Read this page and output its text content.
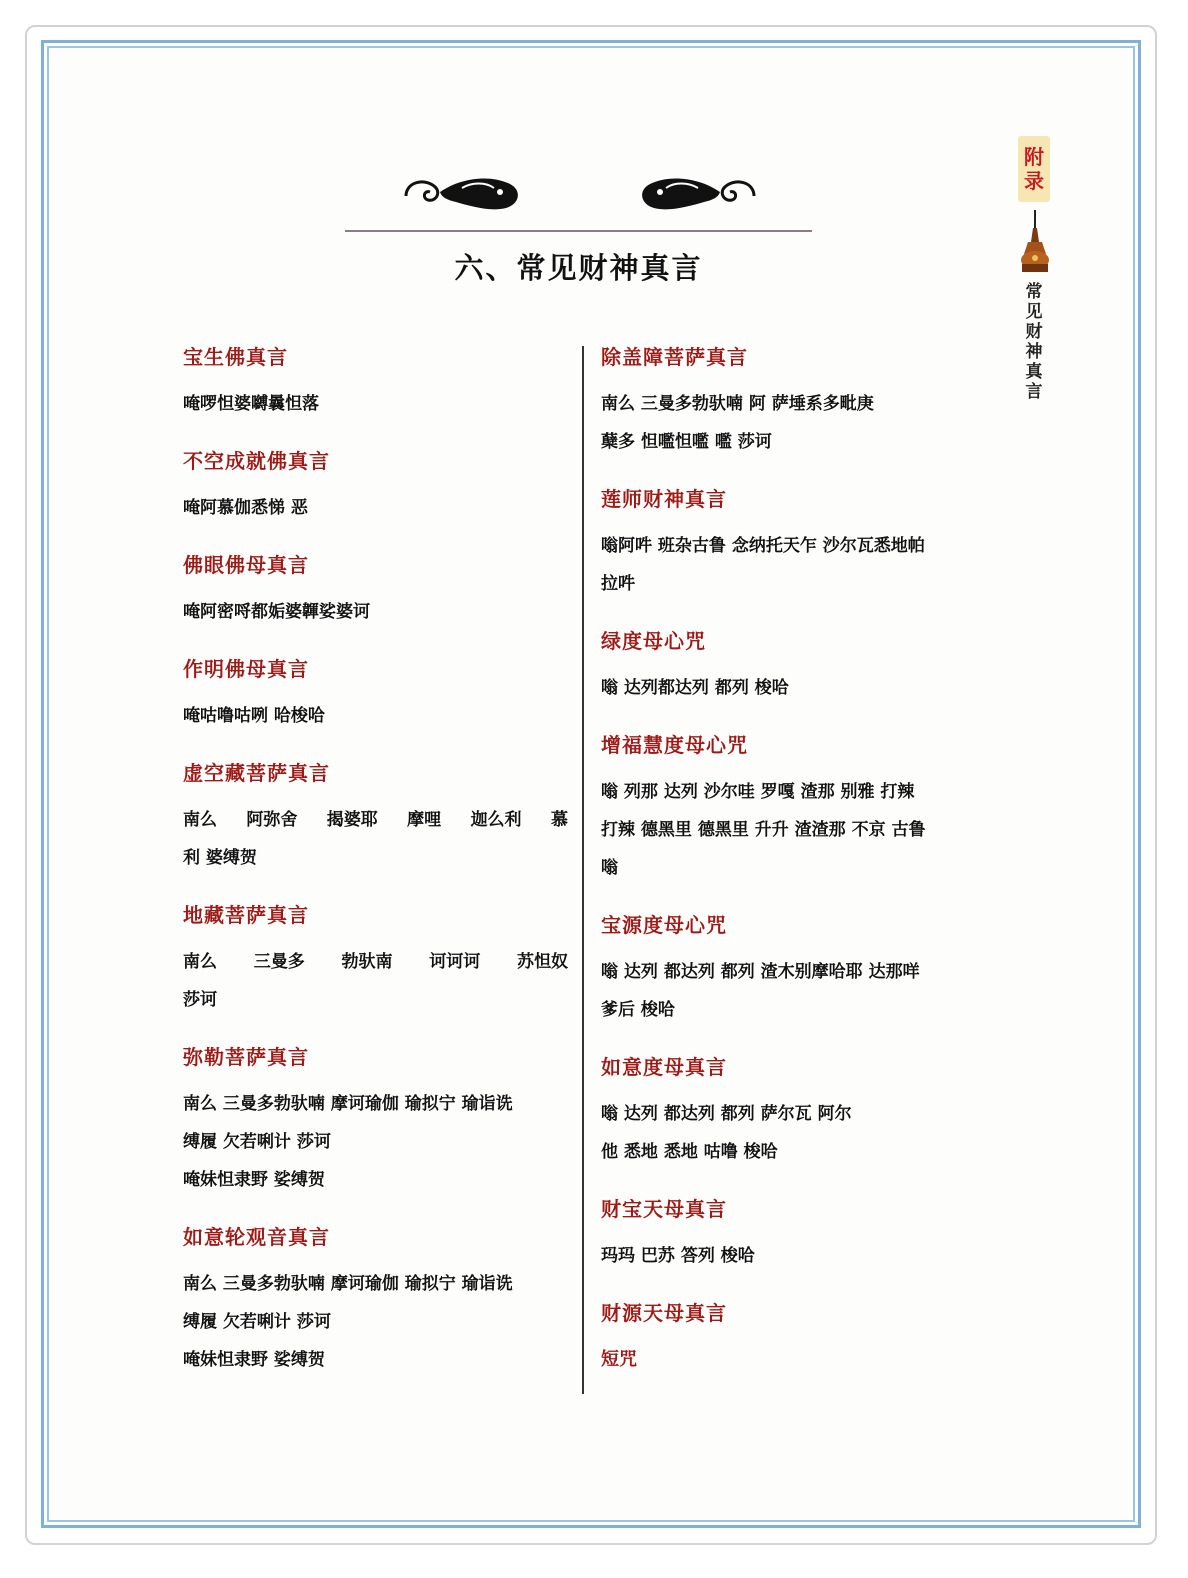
附
录
常
见
财
神
真
言
六、常见财神真言
宝生佛真言
唵啰怛婆嚩曩怛落
不空成就佛真言
唵阿慕伽悉悌 恶
佛眼佛母真言
唵阿密哷都姤婆韗娑婆诃
作明佛母真言
唵咕噜咕咧 哈梭哈
虚空藏菩萨真言
南么 阿弥舍 揭婆耶 摩哩 迦么利 慕
利 婆缚贺
地藏菩萨真言
南么 三曼多 勃驮南 诃诃诃 苏怛奴
莎诃
弥勒菩萨真言
南么 三曼多勃驮喃 摩诃瑜伽 瑜拟宁 瑜诣诜
缚履 欠若唎计 莎诃
唵妹怛隶野 娑缚贺
如意轮观音真言
南么 三曼多勃驮喃 摩诃瑜伽 瑜拟宁 瑜诣诜
缚履 欠若唎计 莎诃
唵妹怛隶野 娑缚贺
除盖障菩萨真言
南么 三曼多勃驮喃 阿 萨埵系多毗庚
蘖多 怛嚂怛嚂 嚂 莎诃
莲师财神真言
嗡阿吽 班杂古鲁 念纳托天乍 沙尔瓦悉地帕
拉吽
绿度母心咒
嗡 达列都达列 都列 梭哈
增福慧度母心咒
嗡 列那 达列 沙尔哇 罗嘎 渣那 别雅 打辣
打辣 德黑里 德黑里 升升 渣渣那 不京 古鲁
嗡
宝源度母心咒
嗡 达列 都达列 都列 渣木别摩哈耶 达那咩
爹后 梭哈
如意度母真言
嗡 达列 都达列 都列 萨尔瓦 阿尔
他 悉地 悉地 咕噜 梭哈
财宝天母真言
玛玛 巴苏 答列 梭哈
财源天母真言
短咒
